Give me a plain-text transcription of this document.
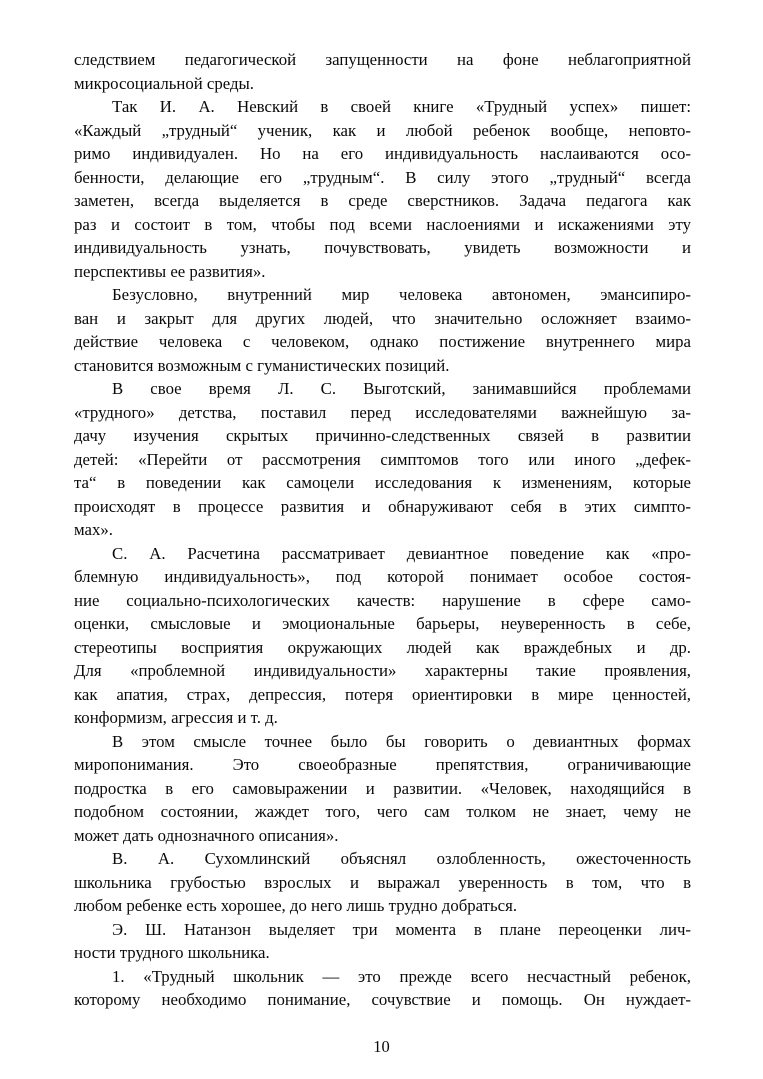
следствием педагогической запущенности на фоне неблагоприятной
микросоциальной среды.
Так И. А. Невский в своей книге «Трудный успех» пишет:
«Каждый „трудный“ ученик, как и любой ребенок вообще, неповто-
римо индивидуален. Но на его индивидуальность наслаиваются осо-
бенности, делающие его „трудным“. В силу этого „трудный“ всегда
заметен, всегда выделяется в среде сверстников. Задача педагога как
раз и состоит в том, чтобы под всеми наслоениями и искажениями эту
индивидуальность узнать, почувствовать, увидеть возможности и
перспективы ее развития».
Безусловно, внутренний мир человека автономен, эмансипиро-
ван и закрыт для других людей, что значительно осложняет взаимо-
действие человека с человеком, однако постижение внутреннего мира
становится возможным с гуманистических позиций.
В свое время Л. С. Выготский, занимавшийся проблемами
«трудного» детства, поставил перед исследователями важнейшую за-
дачу изучения скрытых причинно-следственных связей в развитии
детей: «Перейти от рассмотрения симптомов того или иного „дефек-
та“ в поведении как самоцели исследования к изменениям, которые
происходят в процессе развития и обнаруживают себя в этих симпто-
мах».
С. А. Расчетина рассматривает девиантное поведение как «про-
блемную индивидуальность», под которой понимает особое состоя-
ние социально-психологических качеств: нарушение в сфере само-
оценки, смысловые и эмоциональные барьеры, неуверенность в себе,
стереотипы восприятия окружающих людей как враждебных и др.
Для «проблемной индивидуальности» характерны такие проявления,
как апатия, страх, депрессия, потеря ориентировки в мире ценностей,
конформизм, агрессия и т. д.
В этом смысле точнее было бы говорить о девиантных формах
миропонимания. Это своеобразные препятствия, ограничивающие
подростка в его самовыражении и развитии. «Человек, находящийся в
подобном состоянии, жаждет того, чего сам толком не знает, чему не
может дать однозначного описания».
В. А. Сухомлинский объяснял озлобленность, ожесточенность
школьника грубостью взрослых и выражал уверенность в том, что в
любом ребенке есть хорошее, до него лишь трудно добраться.
Э. Ш. Натанзон выделяет три момента в плане переоценки лич-
ности трудного школьника.
1. «Трудный школьник — это прежде всего несчастный ребенок,
которому необходимо понимание, сочувствие и помощь. Он нуждает-
10
